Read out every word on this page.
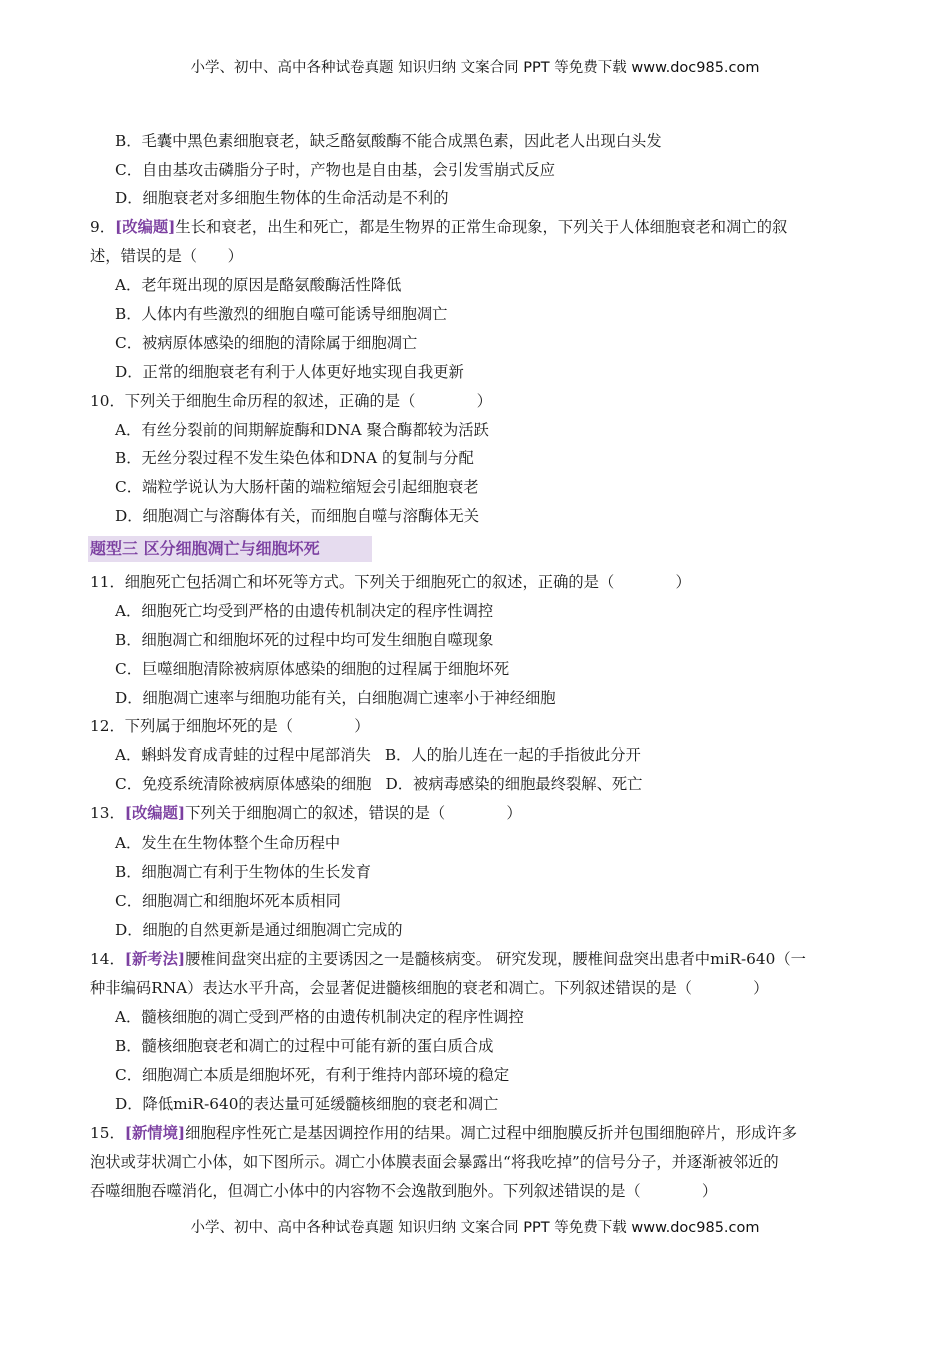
小学、初中、高中各种试卷真题 知识归纳 文案合同 PPT 等免费下载 www.doc985.com
B．毛囊中黑色素细胞衰老，缺乏酪氨酸酶不能合成黑色素，因此老人出现白头发
C．自由基攻击磷脂分子时，产物也是自由基，会引发雪崩式反应
D．细胞衰老对多细胞生物体的生命活动是不利的
9．[改编题]生长和衰老，出生和死亡，都是生物界的正常生命现象，下列关于人体细胞衰老和凋亡的叙
述，错误的是（　　）
A．老年斑出现的原因是酪氨酸酶活性降低
B．人体内有些激烈的细胞自噬可能诱导细胞凋亡
C．被病原体感染的细胞的清除属于细胞凋亡
D．正常的细胞衰老有利于人体更好地实现自我更新
10．下列关于细胞生命历程的叙述，正确的是（　　　　）
A．有丝分裂前的间期解旋酶和DNA 聚合酶都较为活跃
B．无丝分裂过程不发生染色体和DNA 的复制与分配
C．端粒学说认为大肠杆菌的端粒缩短会引起细胞衰老
D．细胞凋亡与溶酶体有关，而细胞自噬与溶酶体无关
题型三 区分细胞凋亡与细胞坏死
11．细胞死亡包括凋亡和坏死等方式。下列关于细胞死亡的叙述，正确的是（　　　　）
A．细胞死亡均受到严格的由遗传机制决定的程序性调控
B．细胞凋亡和细胞坏死的过程中均可发生细胞自噬现象
C．巨噬细胞清除被病原体感染的细胞的过程属于细胞坏死
D．细胞凋亡速率与细胞功能有关，白细胞凋亡速率小于神经细胞
12．下列属于细胞坏死的是（　　　　）
A．蝌蚪发育成青蛙的过程中尾部消失 B．人的胎儿连在一起的手指彼此分开
C．免疫系统清除被病原体感染的细胞 D．被病毒感染的细胞最终裂解、死亡
13．[改编题]下列关于细胞凋亡的叙述，错误的是（　　　　）
A．发生在生物体整个生命历程中
B．细胞凋亡有利于生物体的生长发育
C．细胞凋亡和细胞坏死本质相同
D．细胞的自然更新是通过细胞凋亡完成的
14．[新考法]腰椎间盘突出症的主要诱因之一是髓核病变。 研究发现，腰椎间盘突出患者中miR-640（一
种非编码RNA）表达水平升高，会显著促进髓核细胞的衰老和凋亡。下列叙述错误的是（　　　　）
A．髓核细胞的凋亡受到严格的由遗传机制决定的程序性调控
B．髓核细胞衰老和凋亡的过程中可能有新的蛋白质合成
C．细胞凋亡本质是细胞坏死，有利于维持内部环境的稳定
D．降低miR-640的表达量可延缓髓核细胞的衰老和凋亡
15．[新情境]细胞程序性死亡是基因调控作用的结果。凋亡过程中细胞膜反折并包围细胞碎片，形成许多
泡状或芽状凋亡小体，如下图所示。凋亡小体膜表面会暴露出“将我吃掉”的信号分子，并逐渐被邻近的
吞噬细胞吞噬消化，但凋亡小体中的内容物不会逸散到胞外。下列叙述错误的是（　　　　）
小学、初中、高中各种试卷真题 知识归纳 文案合同 PPT 等免费下载 www.doc985.com
